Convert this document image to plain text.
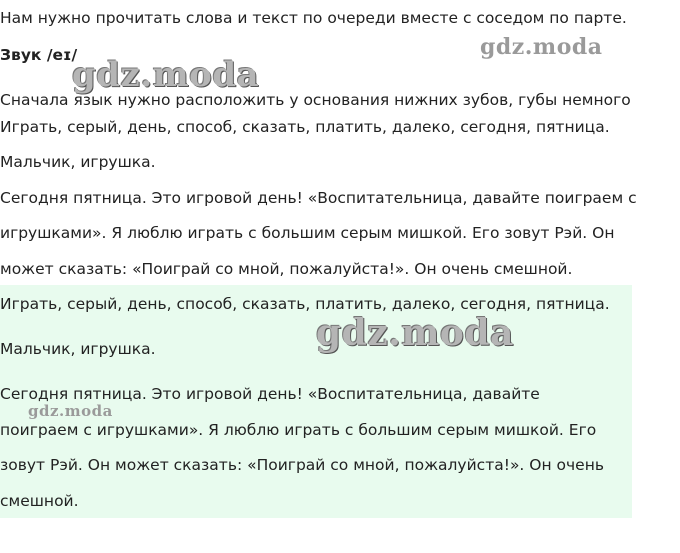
Нам нужно прочитать слова и текст по очереди вместе с соседом по парте.
Звук /eɪ/
Сначала язык нужно расположить у основания нижних зубов, губы немного
Играть, серый, день, способ, сказать, платить, далеко, сегодня, пятница.
Мальчик, игрушка.
Сегодня пятница. Это игровой день! «Воспитательница, давайте поиграем с
игрушками». Я люблю играть с большим серым мишкой. Его зовут Рэй. Он
может сказать: «Поиграй со мной, пожалуйста!». Он очень смешной.
Играть, серый, день, способ, сказать, платить, далеко, сегодня, пятница.
Мальчик, игрушка.
Сегодня пятница. Это игровой день! «Воспитательница, давайте
поиграем с игрушками». Я люблю играть с большим серым мишкой. Его
зовут Рэй. Он может сказать: «Поиграй со мной, пожалуйста!». Он очень
смешной.
gdz.moda
gdz.moda
gdz.moda
gdz.moda
